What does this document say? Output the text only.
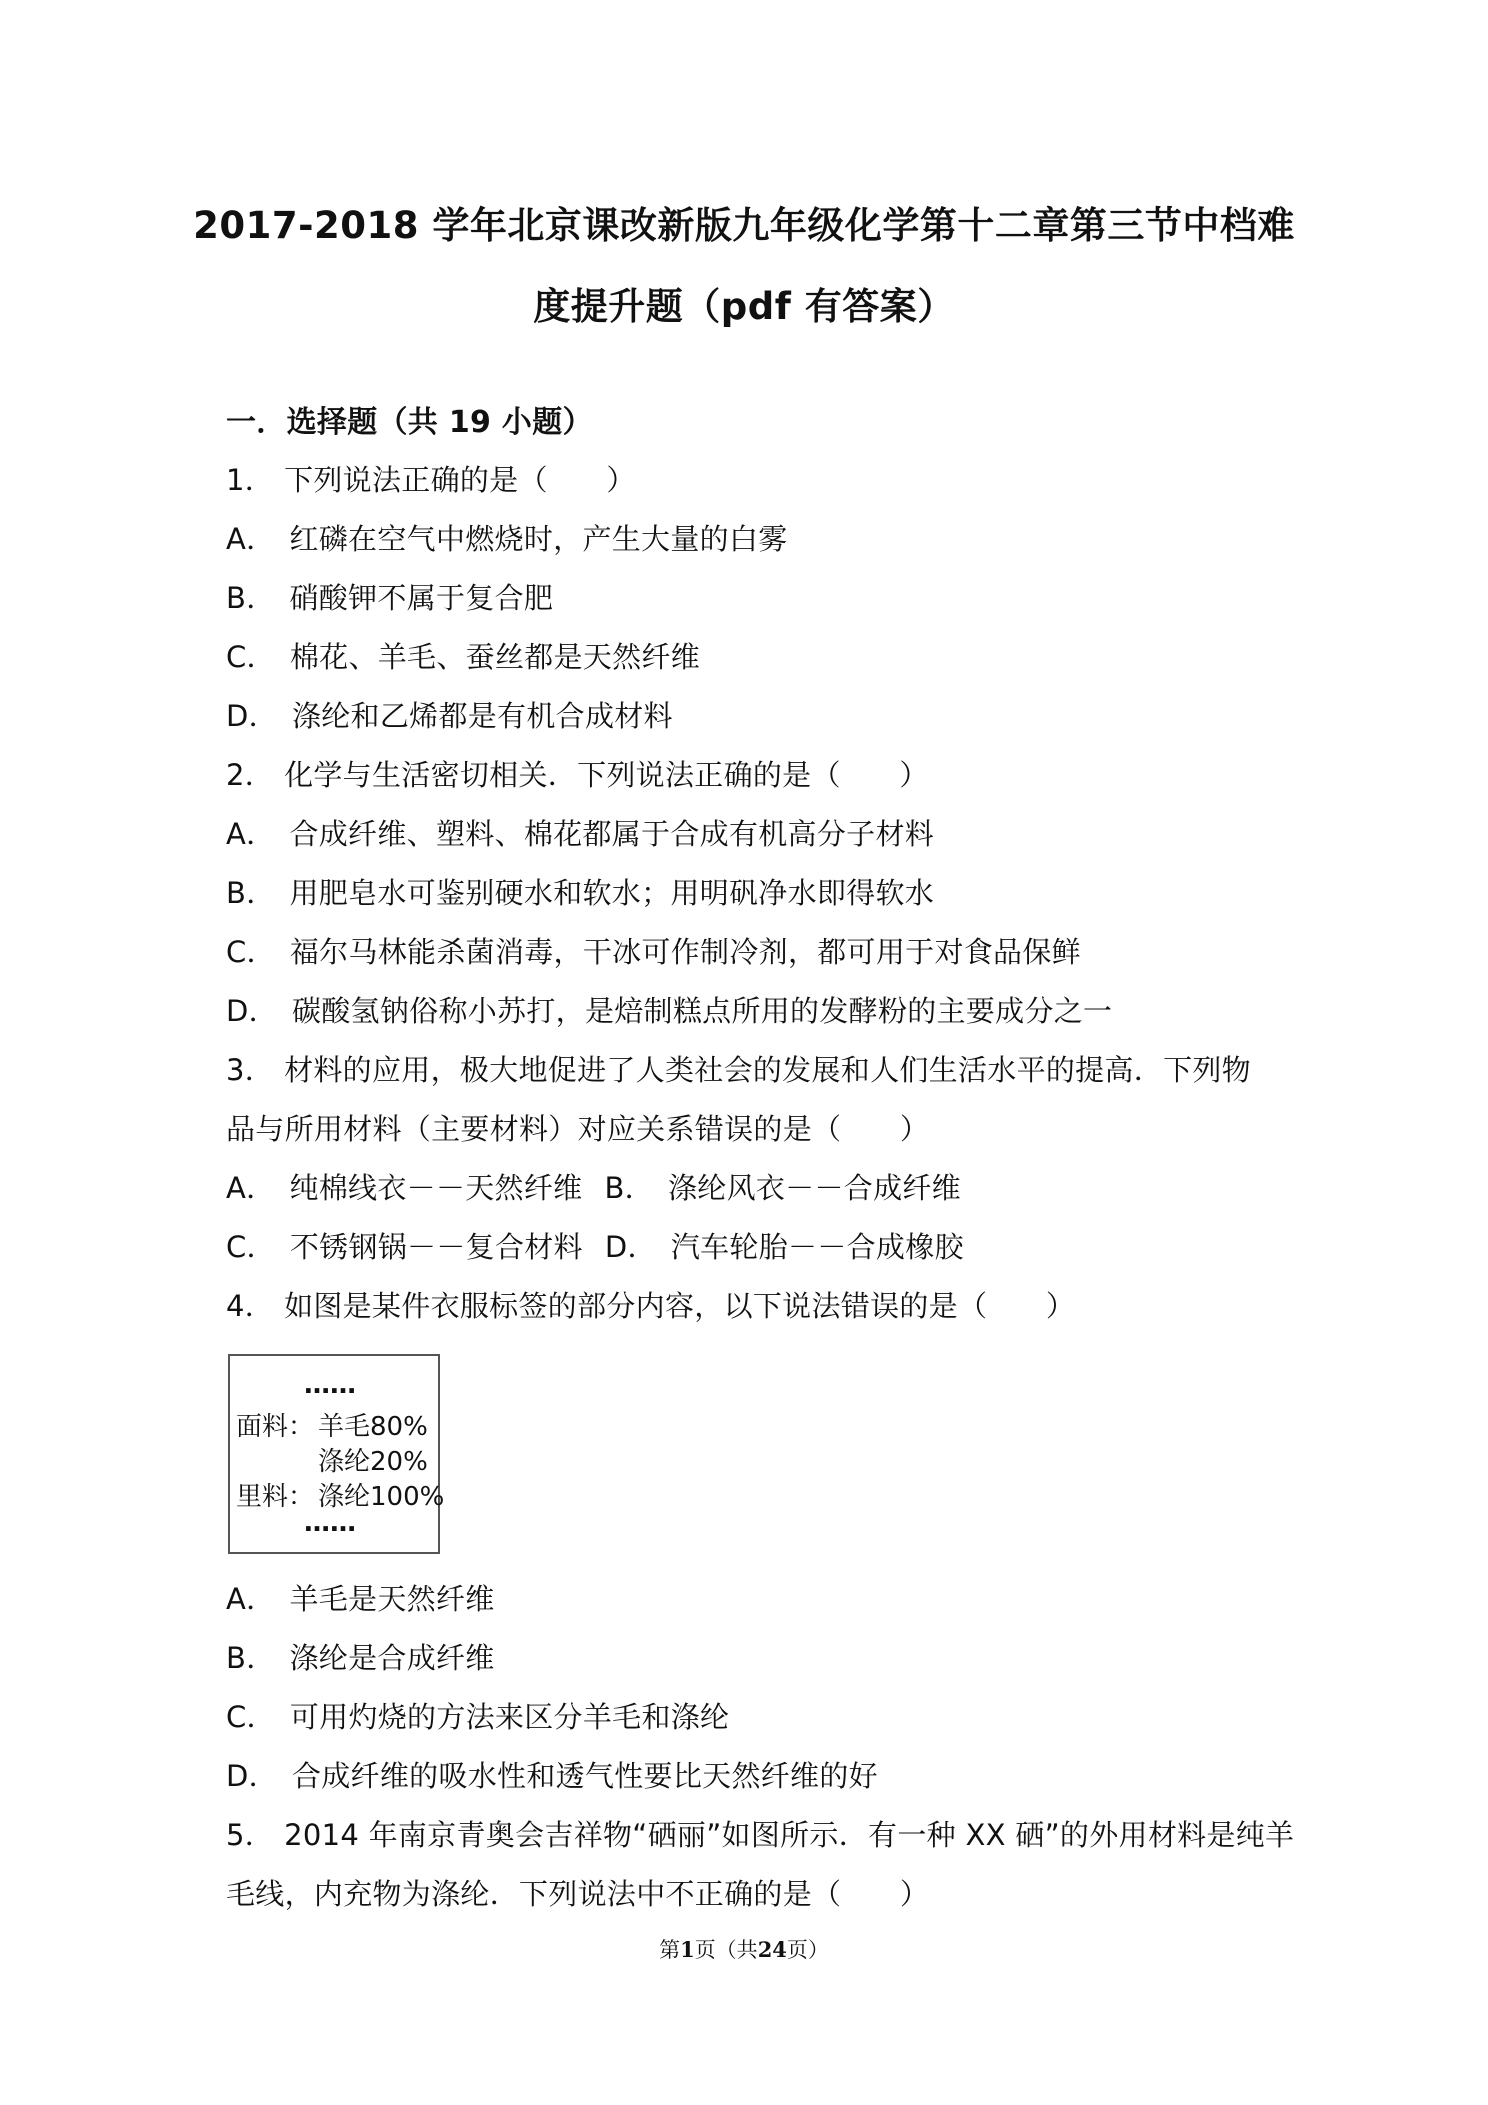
2017-2018 学年北京课改新版九年级化学第十二章第三节中档难
度提升题（pdf 有答案）
一．选择题（共 19 小题）
1． 下列说法正确的是（　　）
A． 红磷在空气中燃烧时，产生大量的白雾
B． 硝酸钾不属于复合肥
C． 棉花、羊毛、蚕丝都是天然纤维
D． 涤纶和乙烯都是有机合成材料
2． 化学与生活密切相关．下列说法正确的是（　　）
A． 合成纤维、塑料、棉花都属于合成有机高分子材料
B． 用肥皂水可鉴别硬水和软水；用明矾净水即得软水
C． 福尔马林能杀菌消毒，干冰可作制冷剂，都可用于对食品保鲜
D． 碳酸氢钠俗称小苏打，是焙制糕点所用的发酵粉的主要成分之一
3． 材料的应用，极大地促进了人类社会的发展和人们生活水平的提高．下列物
品与所用材料（主要材料）对应关系错误的是（　　）
A． 纯棉线衣－－天然纤维 B． 涤纶风衣－－合成纤维
C． 不锈钢锅－－复合材料 D． 汽车轮胎－－合成橡胶
4． 如图是某件衣服标签的部分内容，以下说法错误的是（　　）
……
面料： 羊毛80%
涤纶20%
里料： 涤纶100%
……
A． 羊毛是天然纤维
B． 涤纶是合成纤维
C． 可用灼烧的方法来区分羊毛和涤纶
D． 合成纤维的吸水性和透气性要比天然纤维的好
5． 2014 年南京青奥会吉祥物“硒丽”如图所示．有一种 XX 硒”的外用材料是纯羊
毛线，内充物为涤纶．下列说法中不正确的是（　　）
第1页（共24页）
